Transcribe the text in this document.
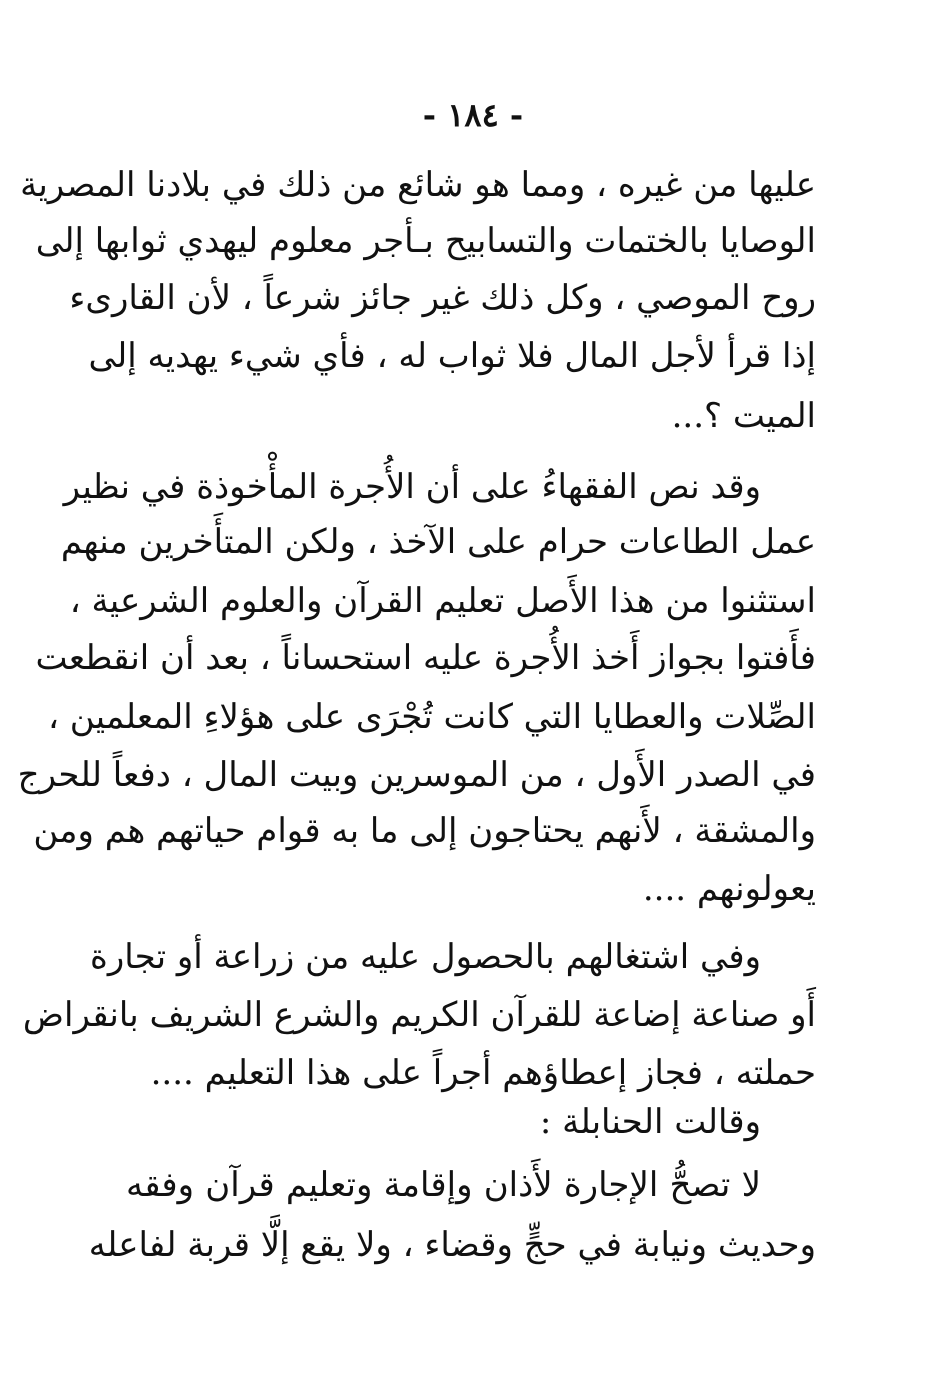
- ١٨٤ -
عليها من غيره ، ومما هو شائع من ذلك في بلادنا المصرية
الوصايا بالختمات والتسابيح بـأجر معلوم ليهدي ثوابها إلى
روح الموصي ، وكل ذلك غير جائز شرعاً ، لأن القارىء
إذا قرأ لأجل المال فلا ثواب له ، فأي شيء يهديه إلى
الميت ؟...
وقد نص الفقهاءُ على أن الأُجرة المأْخوذة في نظير
عمل الطاعات حرام على الآخذ ، ولكن المتأَخرين منهم
استثنوا من هذا الأَصل تعليم القرآن والعلوم الشرعية ،
فأَفتوا بجواز أَخذ الأُجرة عليه استحساناً ، بعد أن انقطعت
الصِّلات والعطايا التي كانت تُجْرَى على هؤلاءِ المعلمين ،
في الصدر الأَول ، من الموسرين وبيت المال ، دفعاً للحرج
والمشقة ، لأَنهم يحتاجون إلى ما به قوام حياتهم هم ومن
يعولونهم ....
وفي اشتغالهم بالحصول عليه من زراعة أو تجارة
أَو صناعة إضاعة للقرآن الكريم والشرع الشريف بانقراض
حملته ، فجاز إعطاؤهم أجراً على هذا التعليم ....
وقالت الحنابلة :
لا تصحُّ الإجارة لأَذان وإقامة وتعليم قرآن وفقه
وحديث ونيابة في حجٍّ وقضاء ، ولا يقع إلَّا قربة لفاعله
